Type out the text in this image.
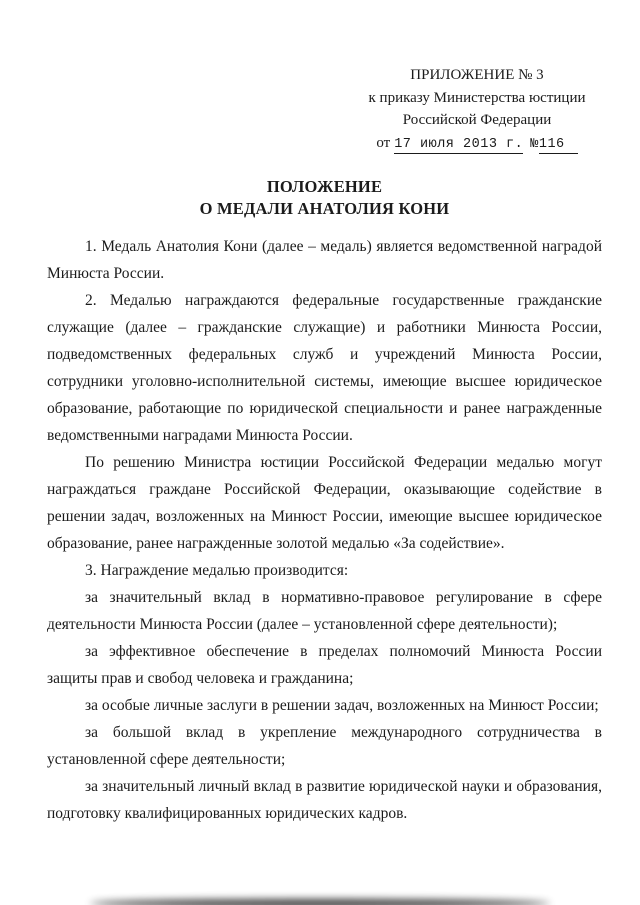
ПРИЛОЖЕНИЕ № 3
к приказу Министерства юстиции
Российской Федерации
от 17 июля 2013 г. №116
ПОЛОЖЕНИЕ
О МЕДАЛИ АНАТОЛИЯ КОНИ

1. Медаль Анатолия Кони (далее – медаль) является ведомственной наградой Минюста России.

2. Медалью награждаются федеральные государственные гражданские служащие (далее – гражданские служащие) и работники Минюста России, подведомственных федеральных служб и учреждений Минюста России, сотрудники уголовно-исполнительной системы, имеющие высшее юридическое образование, работающие по юридической специальности и ранее награжденные ведомственными наградами Минюста России.

По решению Министра юстиции Российской Федерации медалью могут награждаться граждане Российской Федерации, оказывающие содействие в решении задач, возложенных на Минюст России, имеющие высшее юридическое образование, ранее награжденные золотой медалью «За содействие».

3. Награждение медалью производится:

за значительный вклад в нормативно-правовое регулирование в сфере деятельности Минюста России (далее – установленной сфере деятельности);

за эффективное обеспечение в пределах полномочий Минюста России защиты прав и свобод человека и гражданина;

за особые личные заслуги в решении задач, возложенных на Минюст России;

за большой вклад в укрепление международного сотрудничества в установленной сфере деятельности;

за значительный личный вклад в развитие юридической науки и образования, подготовку квалифицированных юридических кадров.
